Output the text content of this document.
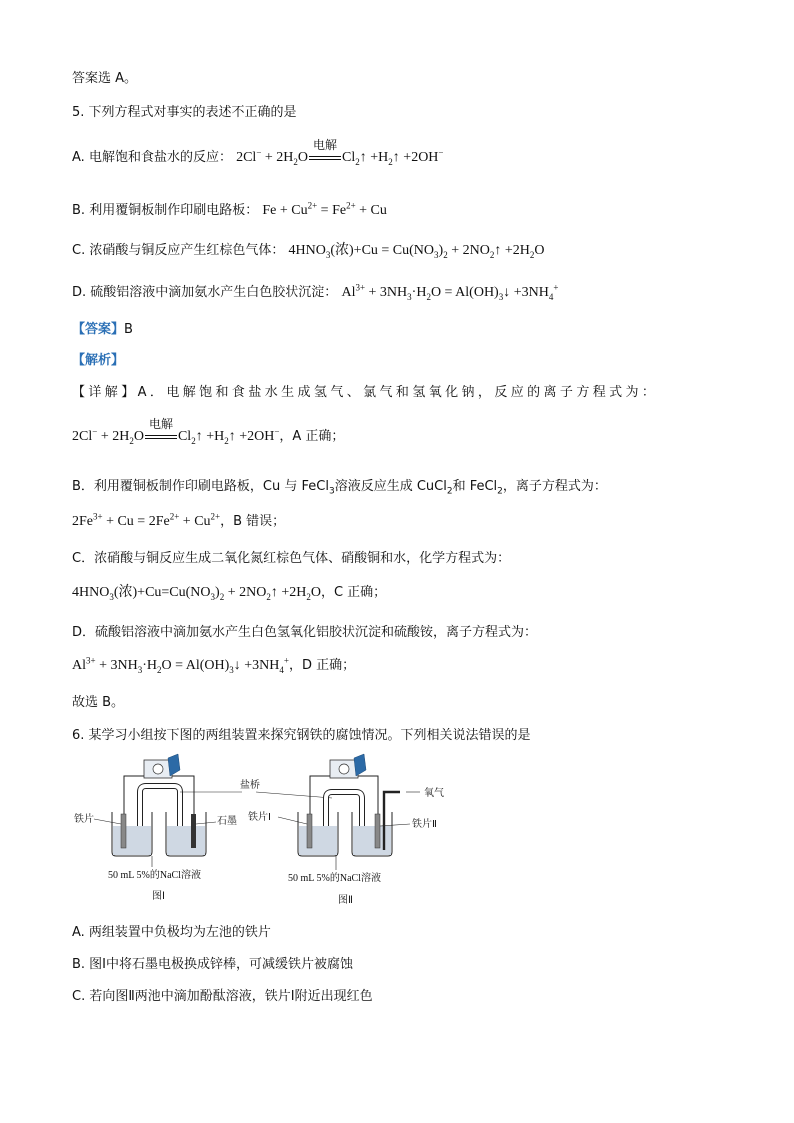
答案选 A。
5. 下列方程式对事实的表述不正确的是
A. 电解饱和食盐水的反应： $2Cl^- + 2H_2O$
电解
$Cl_2↑$ $+H_2↑ +2OH^-$
B. 利用覆铜板制作印刷电路板： $Fe + Cu^{2+} = Fe^{2+} + Cu$
C. 浓硝酸与铜反应产生红棕色气体： $4HNO_3$(浓)$+Cu = Cu(NO_3)_2$ + $2NO_2↑ +2H_2O$
D. 硫酸铝溶液中滴加氨水产生白色胶状沉淀： $Al^{3+} + 3NH_3\cdot H_2O$ = $Al(OH)_3↓ +3NH_4^+$
【答案】B
【解析】
【详解】A．电解饱和食盐水生成氢气、氯气和氢氧化钠，反应的离子方程式为：
$2Cl^- + 2H_2O$
电解
$Cl_2↑$ $+H_2↑ +2OH^-$，A 正确；
B．利用覆铜板制作印刷电路板，Cu 与 FeCl$_3$溶液反应生成 CuCl$_2$和 FeCl$_2$，离子方程式为：
$2Fe^{3+} + Cu = 2Fe^{2+} + Cu^{2+}$，B 错误；
C．浓硝酸与铜反应生成二氧化氮红棕色气体、硝酸铜和水，化学方程式为：
$4HNO_3$(浓)$+Cu=Cu(NO_3)_2$ + $2NO_2↑ +2H_2O$，C 正确；
D．硫酸铝溶液中滴加氨水产生白色氢氧化铝胶状沉淀和硫酸铵，离子方程式为：
$Al^{3+} + 3NH_3\cdot H_2O$ = $Al(OH)_3↓ +3NH_4^+$，D 正确；
故选 B。
6. 某学习小组按下图的两组装置来探究钢铁的腐蚀情况。下列相关说法错误的是
铁片	石墨
50 mL 5%的NaCl溶液
图Ⅰ
盐桥
铁片Ⅰ
铁片Ⅱ
氧气
50 mL 5%的NaCl溶液
图Ⅱ
A. 两组装置中负极均为左池的铁片
B. 图Ⅰ中将石墨电极换成锌棒，可减缓铁片被腐蚀
C. 若向图Ⅱ两池中滴加酚酞溶液，铁片Ⅰ附近出现红色
